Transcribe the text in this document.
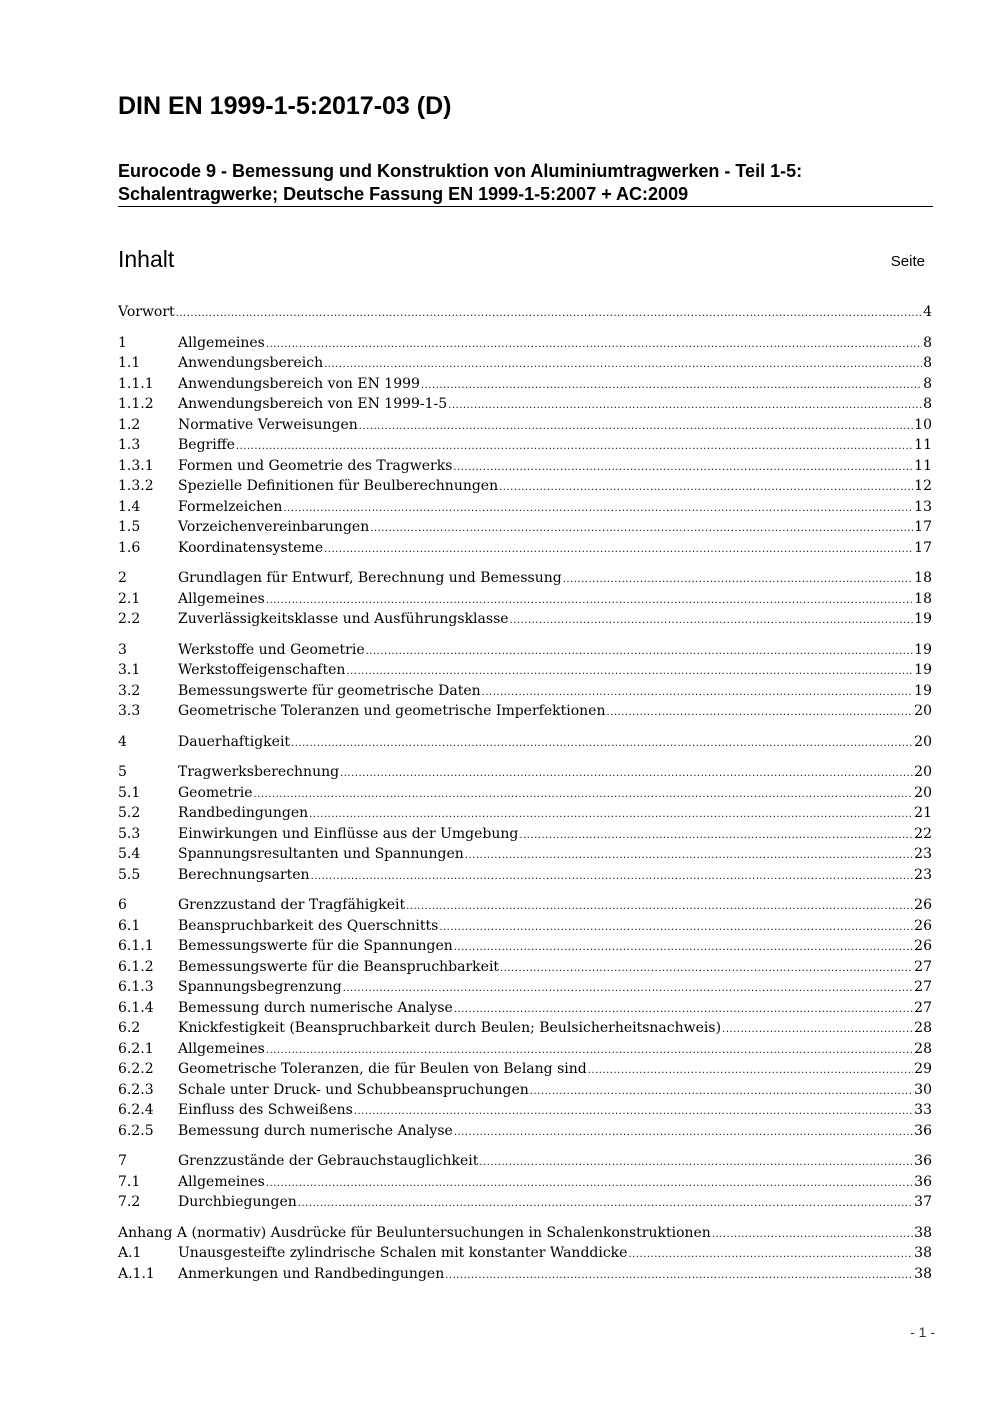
DIN EN 1999-1-5:2017-03 (D)
Eurocode 9 - Bemessung und Konstruktion von Aluminiumtragwerken - Teil 1-5:
Schalentragwerke; Deutsche Fassung EN 1999-1-5:2007 + AC:2009
Inhalt	Seite
Vorwort .....	4
1	Allgemeines .....	8
1.1	Anwendungsbereich .....	8
1.1.1	Anwendungsbereich von EN 1999 .....	8
1.1.2	Anwendungsbereich von EN 1999-1-5 .....	8
1.2	Normative Verweisungen .....	10
1.3	Begriffe .....	11
1.3.1	Formen und Geometrie des Tragwerks .....	11
1.3.2	Spezielle Definitionen für Beulberechnungen .....	12
1.4	Formelzeichen .....	13
1.5	Vorzeichenvereinbarungen .....	17
1.6	Koordinatensysteme .....	17
2	Grundlagen für Entwurf, Berechnung und Bemessung .....	18
2.1	Allgemeines .....	18
2.2	Zuverlässigkeitsklasse und Ausführungsklasse .....	19
3	Werkstoffe und Geometrie .....	19
3.1	Werkstoffeigenschaften .....	19
3.2	Bemessungswerte für geometrische Daten .....	19
3.3	Geometrische Toleranzen und geometrische Imperfektionen .....	20
4	Dauerhaftigkeit .....	20
5	Tragwerksberechnung .....	20
5.1	Geometrie .....	20
5.2	Randbedingungen .....	21
5.3	Einwirkungen und Einflüsse aus der Umgebung .....	22
5.4	Spannungsresultanten und Spannungen .....	23
5.5	Berechnungsarten .....	23
6	Grenzzustand der Tragfähigkeit .....	26
6.1	Beanspruchbarkeit des Querschnitts .....	26
6.1.1	Bemessungswerte für die Spannungen .....	26
6.1.2	Bemessungswerte für die Beanspruchbarkeit .....	27
6.1.3	Spannungsbegrenzung .....	27
6.1.4	Bemessung durch numerische Analyse .....	27
6.2	Knickfestigkeit (Beanspruchbarkeit durch Beulen; Beulsicherheitsnachweis) .....	28
6.2.1	Allgemeines .....	28
6.2.2	Geometrische Toleranzen, die für Beulen von Belang sind .....	29
6.2.3	Schale unter Druck- und Schubbeanspruchungen .....	30
6.2.4	Einfluss des Schweißens .....	33
6.2.5	Bemessung durch numerische Analyse .....	36
7	Grenzzustände der Gebrauchstauglichkeit .....	36
7.1	Allgemeines .....	36
7.2	Durchbiegungen .....	37
Anhang A (normativ) Ausdrücke für Beuluntersuchungen in Schalenkonstruktionen .....	38
A.1	Unausgesteifte zylindrische Schalen mit konstanter Wanddicke .....	38
A.1.1	Anmerkungen und Randbedingungen .....	38
- 1 -
